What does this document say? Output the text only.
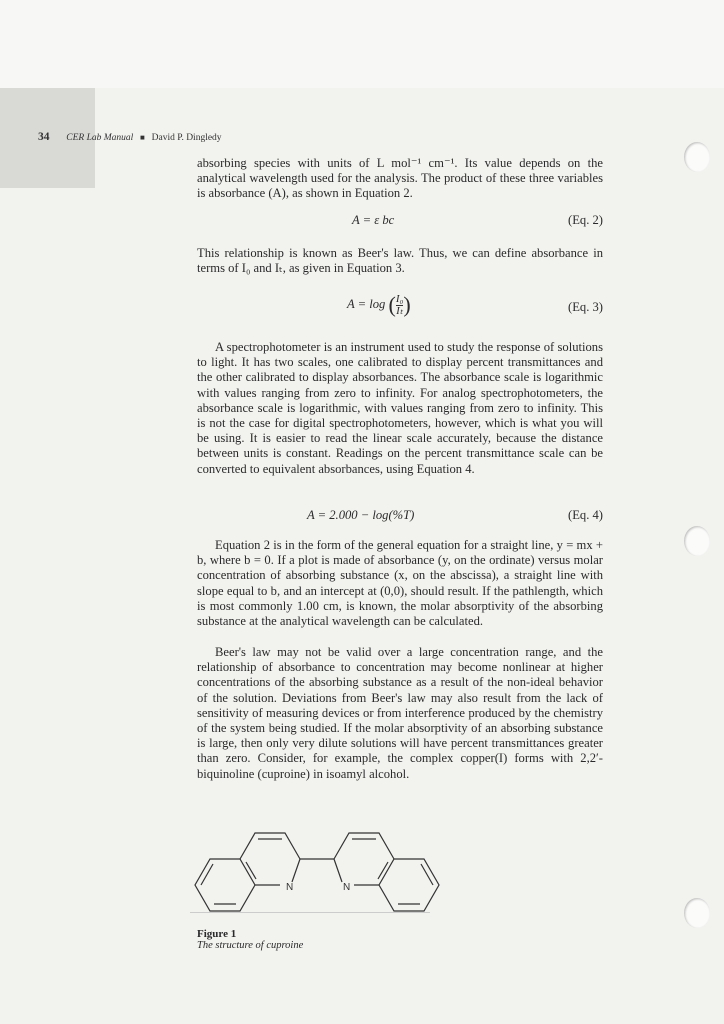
34 CER Lab Manual ■ David P. Dingledy

absorbing species with units of L mol⁻¹ cm⁻¹. Its value depends on the analytical wavelength used for the analysis. The product of these three variables is absorbance (A), as shown in Equation 2.

A = ε bc	(Eq. 2)

This relationship is known as Beer's law. Thus, we can define absorbance in terms of I₀ and Iₜ, as given in Equation 3.

A = log ( $\frac{\text{I₀}}{\text{Iₜ}}$ )	(Eq. 3)

A spectrophotometer is an instrument used to study the response of solutions to light. It has two scales, one calibrated to display percent transmittances and the other calibrated to display absorbances. The absorbance scale is logarithmic with values ranging from zero to infinity. For analog spectrophotometers, the absorbance scale is logarithmic, with values ranging from zero to infinity. This is not the case for digital spectrophotometers, however, which is what you will be using. It is easier to read the linear scale accurately, because the distance between units is constant. Readings on the percent transmittance scale can be converted to equivalent absorbances, using Equation 4.

A = 2.000 − log(%T)	(Eq. 4)

Equation 2 is in the form of the general equation for a straight line, y = mx + b, where b = 0. If a plot is made of absorbance (y, on the ordinate) versus molar concentration of absorbing substance (x, on the abscissa), a straight line with slope equal to b, and an intercept at (0,0), should result. If the pathlength, which is most commonly 1.00 cm, is known, the molar absorptivity of the absorbing substance at the analytical wavelength can be calculated.

Beer's law may not be valid over a large concentration range, and the relationship of absorbance to concentration may become nonlinear at higher concentrations of the absorbing substance as a result of the non-ideal behavior of the solution. Deviations from Beer's law may also result from the lack of sensitivity of measuring devices or from interference produced by the chemistry of the system being studied. If the molar absorptivity of an absorbing substance is large, then only very dilute solutions will have percent transmittances greater than zero. Consider, for example, the complex copper(I) forms with 2,2′-biquinoline (cuproine) in isoamyl alcohol.

N	N
Figure 1
The structure of cuproine
